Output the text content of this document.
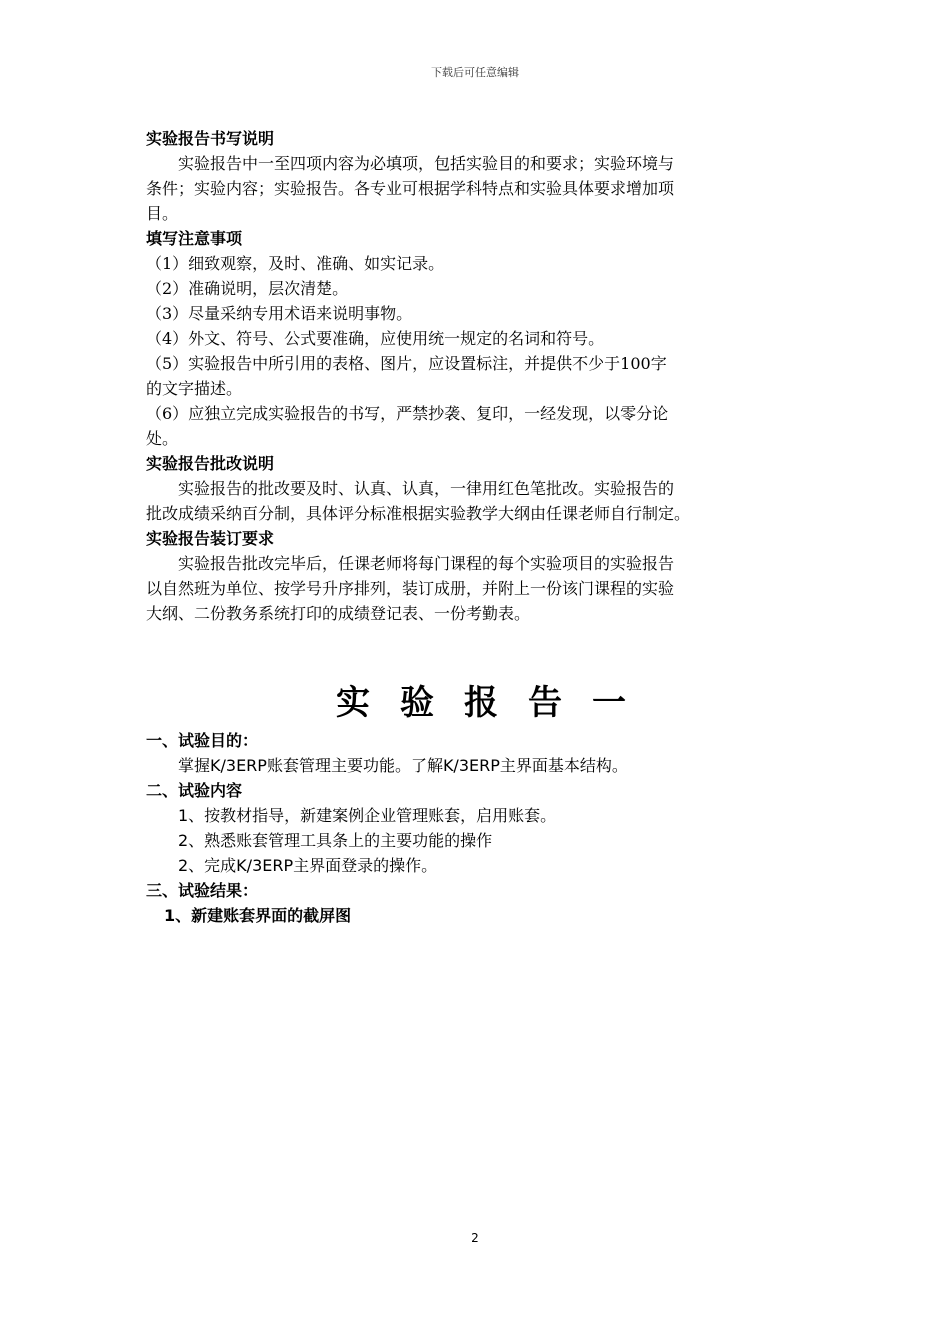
下载后可任意编辑
实验报告书写说明
实验报告中一至四项内容为必填项，包括实验目的和要求；实验环境与
条件；实验内容；实验报告。各专业可根据学科特点和实验具体要求增加项
目。
填写注意事项
（1）细致观察，及时、准确、如实记录。
（2）准确说明，层次清楚。
（3）尽量采纳专用术语来说明事物。
（4）外文、符号、公式要准确，应使用统一规定的名词和符号。
（5）实验报告中所引用的表格、图片，应设置标注，并提供不少于100字
的文字描述。
（6）应独立完成实验报告的书写，严禁抄袭、复印，一经发现，以零分论
处。
实验报告批改说明
实验报告的批改要及时、认真、认真，一律用红色笔批改。实验报告的
批改成绩采纳百分制，具体评分标准根据实验教学大纲由任课老师自行制定。
实验报告装订要求
实验报告批改完毕后，任课老师将每门课程的每个实验项目的实验报告
以自然班为单位、按学号升序排列，装订成册，并附上一份该门课程的实验
大纲、二份教务系统打印的成绩登记表、一份考勤表。
实验报告一
一、试验目的：
掌握K/3ERP账套管理主要功能。了解K/3ERP主界面基本结构。
二、试验内容
1、按教材指导，新建案例企业管理账套，启用账套。
2、熟悉账套管理工具条上的主要功能的操作
2、完成K/3ERP主界面登录的操作。
三、试验结果：
1、新建账套界面的截屏图
2
